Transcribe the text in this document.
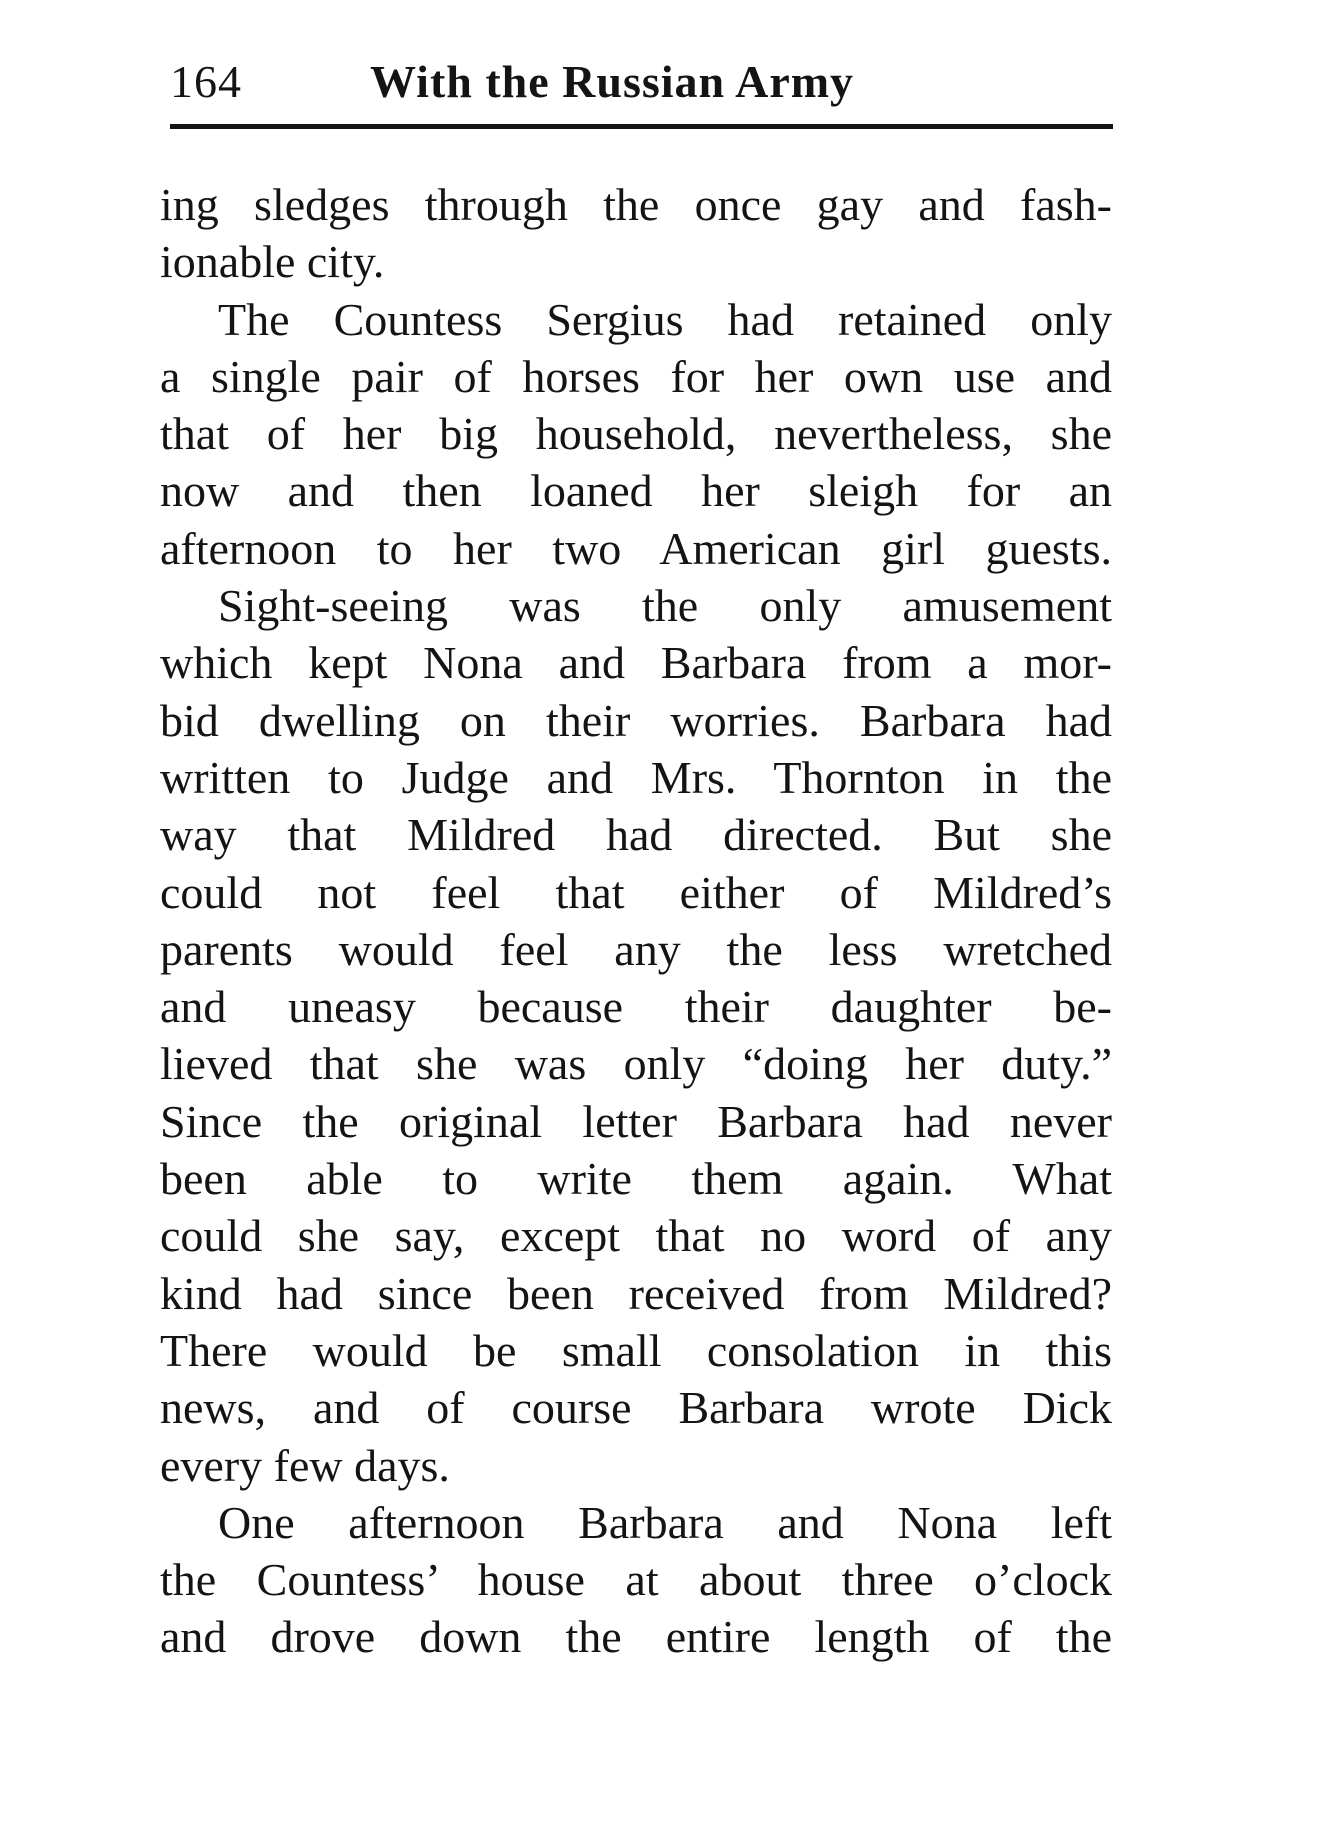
164	With the Russian Army
ing sledges through the once gay and fash-
ionable city.
The Countess Sergius had retained only
a single pair of horses for her own use and
that of her big household, nevertheless, she
now and then loaned her sleigh for an
afternoon to her two American girl guests.
Sight-seeing was the only amusement
which kept Nona and Barbara from a mor-
bid dwelling on their worries. Barbara had
written to Judge and Mrs. Thornton in the
way that Mildred had directed. But she
could not feel that either of Mildred’s
parents would feel any the less wretched
and uneasy because their daughter be-
lieved that she was only “doing her duty.”
Since the original letter Barbara had never
been able to write them again. What
could she say, except that no word of any
kind had since been received from Mildred?
There would be small consolation in this
news, and of course Barbara wrote Dick
every few days.
One afternoon Barbara and Nona left
the Countess’ house at about three o’clock
and drove down the entire length of the
